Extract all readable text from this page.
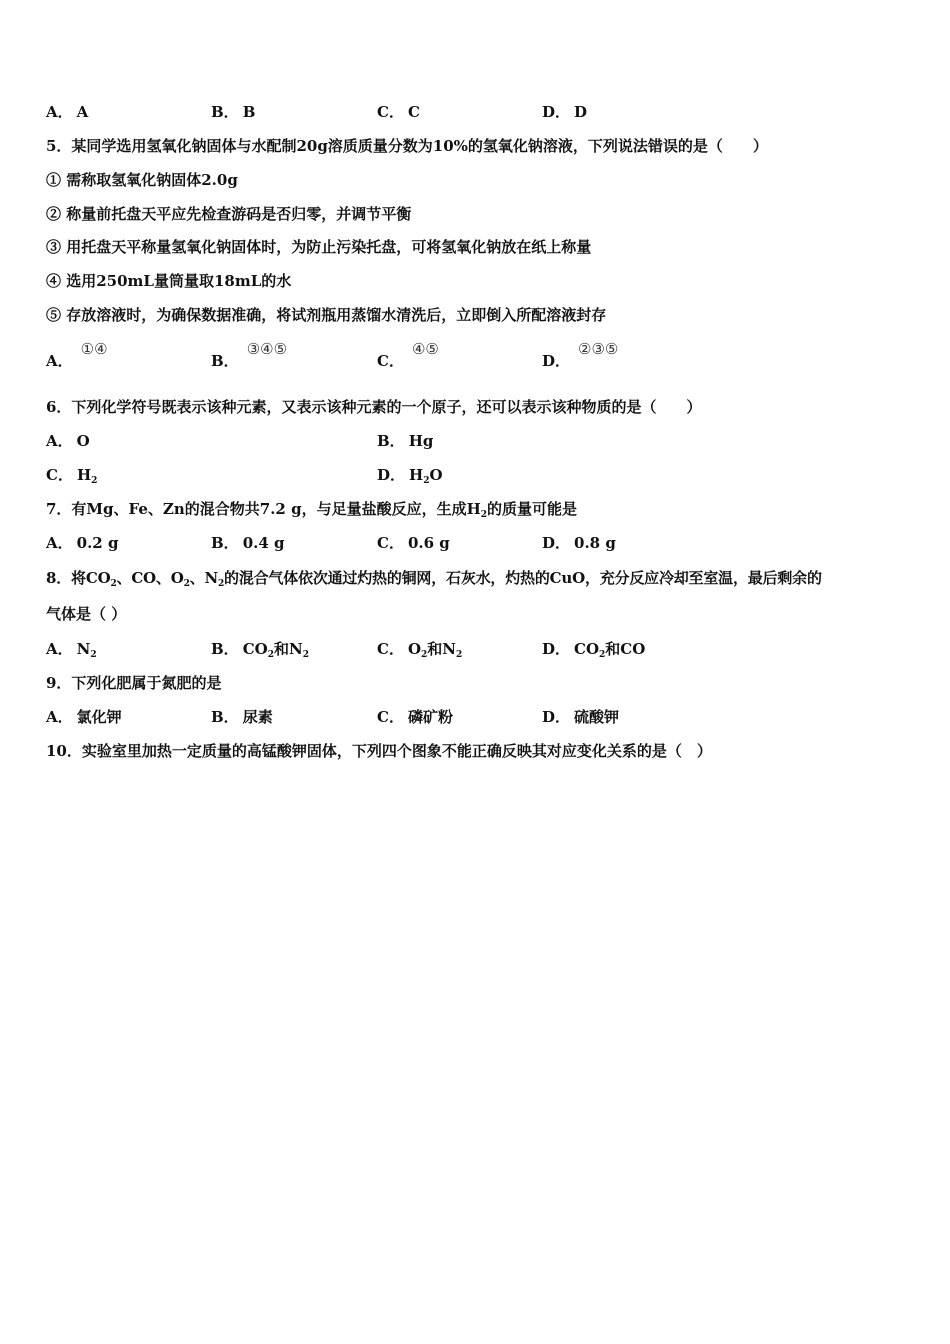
A． A	B． B	C． C	D． D
5．某同学选用氢氧化钠固体与水配制20g溶质质量分数为10%的氢氧化钠溶液，下列说法错误的是（　　）
① 需称取氢氧化钠固体2.0g
② 称量前托盘天平应先检查游码是否归零，并调节平衡
③ 用托盘天平称量氢氧化钠固体时，为防止污染托盘，可将氢氧化钠放在纸上称量
④ 选用250mL量筒量取18mL的水
⑤ 存放溶液时，为确保数据准确，将试剂瓶用蒸馏水清洗后，立即倒入所配溶液封存
A．①④
B．③④⑤
C．④⑤
D．②③⑤
6．下列化学符号既表示该种元素，又表示该种元素的一个原子，还可以表示该种物质的是（　　）
A． O	B． Hg
C． $H_2$	D． $H_2O$
7．有Mg、Fe、Zn的混合物共7.2 g，与足量盐酸反应，生成$H_2$的质量可能是
A． 0.2 g	B． 0.4 g	C． 0.6 g	D． 0.8 g
8．将$CO_2$、CO、$O_2$、$N_2$的混合气体依次通过灼热的铜网，石灰水，灼热的CuO，充分反应冷却至室温，最后剩余的
气体是（ ）
A． $N_2$	B． $CO_2$和$N_2$	C． $O_2$和$N_2$	D． $CO_2$和CO
9．下列化肥属于氮肥的是
A． 氯化钾	B． 尿素	C． 磷矿粉	D． 硫酸钾
10．实验室里加热一定质量的高锰酸钾固体，下列四个图象不能正确反映其对应变化关系的是（　）
